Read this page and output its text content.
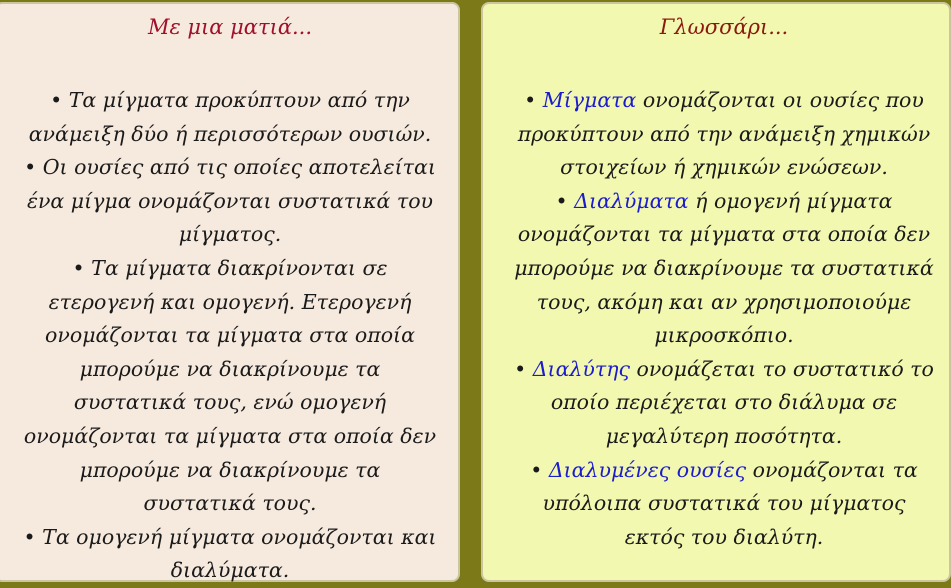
Με μια ματιά...

• Τα μίγματα προκύπτουν από την ανάμειξη δύο ή περισσότερων ουσιών.

• Οι ουσίες από τις οποίες αποτελείται ένα μίγμα ονομάζονται συστατικά του μίγματος.

• Τα μίγματα διακρίνονται σε ετερογενή και ομογενή. Ετερογενή ονομάζονται τα μίγματα στα οποία μπορούμε να διακρίνουμε τα συστατικά τους, ενώ ομογενή ονομάζονται τα μίγματα στα οποία δεν μπορούμε να διακρίνουμε τα συστατικά τους.

• Τα ομογενή μίγματα ονομάζονται και διαλύματα.

Γλωσσάρι...

• Μίγματα ονομάζονται οι ουσίες που προκύπτουν από την ανάμειξη χημικών στοιχείων ή χημικών ενώσεων.

• Διαλύματα ή ομογενή μίγματα ονομάζονται τα μίγματα στα οποία δεν μπορούμε να διακρίνουμε τα συστατικά τους, ακόμη και αν χρησιμοποιούμε μικροσκόπιο.

• Διαλύτης ονομάζεται το συστατικό το οποίο περιέχεται στο διάλυμα σε μεγαλύτερη ποσότητα.

• Διαλυμένες ουσίες ονομάζονται τα υπόλοιπα συστατικά του μίγματος εκτός του διαλύτη.
